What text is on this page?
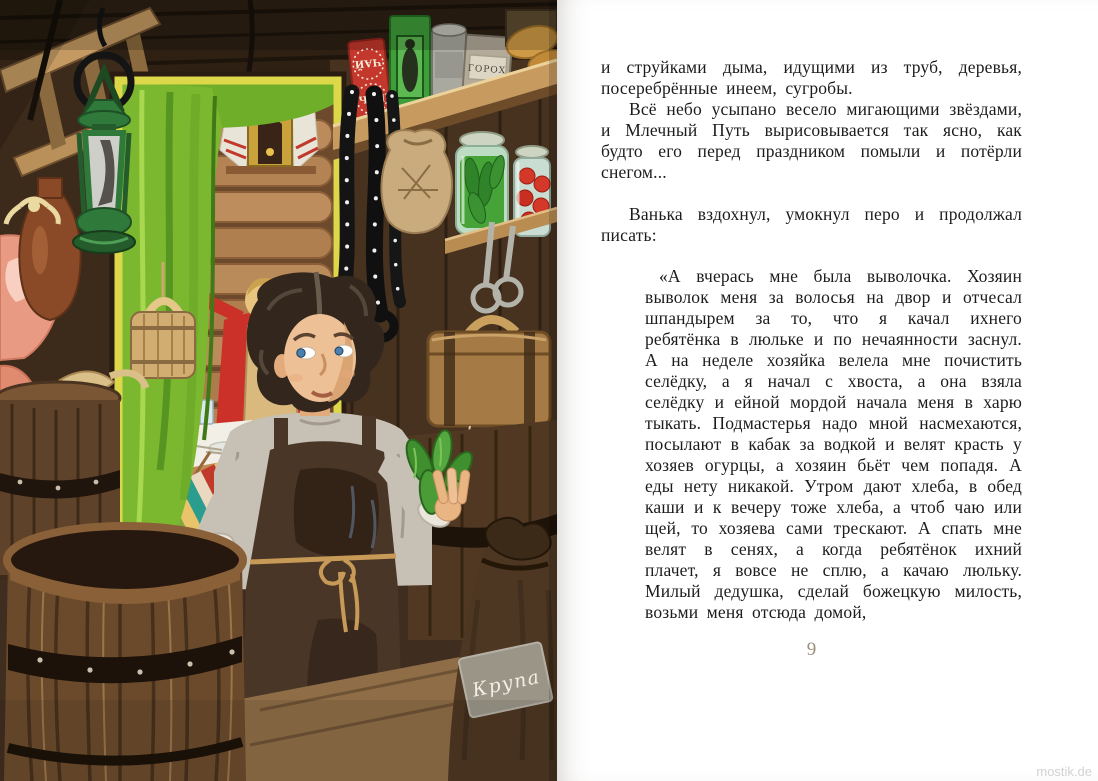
ЧАЙ
ЧАЙ
ГОРОХ
Крупа

и струйками дыма, идущими из труб, деревья, посеребрённые инеем, сугробы.

Всё небо усыпано весело мигающими звёздами, и Млечный Путь вырисовывается так ясно, как будто его перед праздником помыли и потёрли снегом...

Ванька вздохнул, умокнул перо и продолжал писать:

«А вчерась мне была выволочка. Хозяин выволок меня за волосья на двор и отчесал шпандырем за то, что я качал ихнего ребятёнка в люльке и по нечаянности заснул. А на неделе хозяйка велела мне почистить селёдку, а я начал с хвоста, а она взяла селёдку и ейной мордой начала меня в харю тыкать. Подмастерья надо мной насмехаются, посылают в кабак за водкой и велят красть у хозяев огурцы, а хозяин бьёт чем попадя. А еды нету никакой. Утром дают хлеба, в обед каши и к вечеру тоже хлеба, а чтоб чаю или щей, то хозяева сами трескают. А спать мне велят в сенях, а когда ребятёнок ихний плачет, я вовсе не сплю, а качаю люльку. Милый дедушка, сделай божецкую милость, возьми меня отсюда домой,

9
mostik.de
